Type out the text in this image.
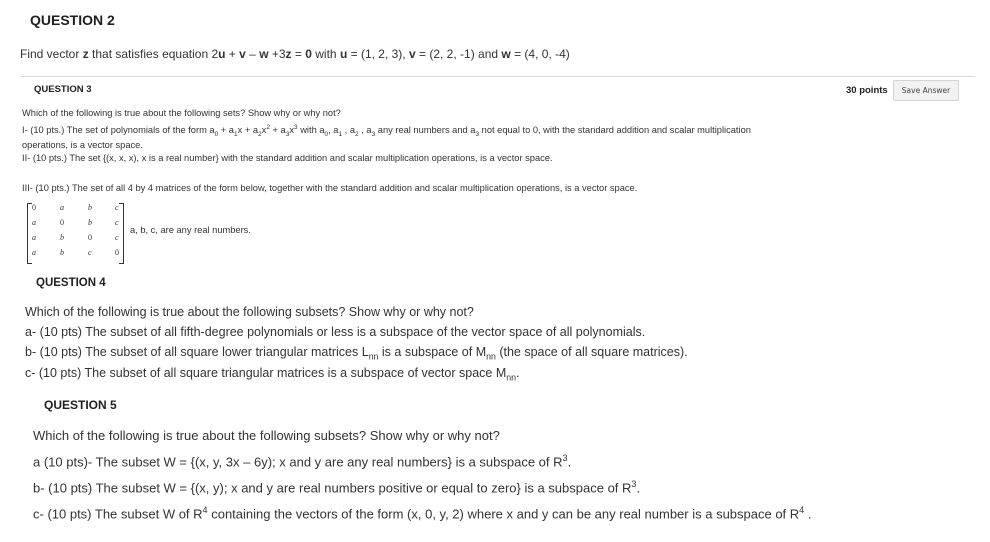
QUESTION 2
Find vector z that satisfies equation 2u + v – w +3z = 0 with u = (1, 2, 3), v = (2, 2, -1) and w = (4, 0, -4)
QUESTION 3	30 points	Save Answer
Which of the following is true about the following sets? Show why or why not?
I- (10 pts.) The set of polynomials of the form $a_0 + a_1x + a_2x^2 + a_3x^3$ with $a_0$, $a_1$ , $a_2$ , $a_3$ any real numbers and $a_3$ not equal to 0, with the standard addition and scalar multiplication
operations, is a vector space.
II- (10 pts.) The set {(x, x, x), x is a real number} with the standard addition and scalar multiplication operations, is a vector space.
III- (10 pts.) The set of all 4 by 4 matrices of the form below, together with the standard addition and scalar multiplication operations, is a vector space.
0	a	b	c
a	0	b	c
a	b	0	c
a	b	c	0
a, b, c, are any real numbers.
QUESTION 4
Which of the following is true about the following subsets? Show why or why not?
a- (10 pts) The subset of all fifth-degree polynomials or less is a subspace of the vector space of all polynomials.
b- (10 pts) The subset of all square lower triangular matrices $L_{nn}$ is a subspace of $M_{nn}$ (the space of all square matrices).
c- (10 pts) The subset of all square triangular matrices is a subspace of vector space $M_{nn}$.
QUESTION 5
Which of the following is true about the following subsets? Show why or why not?
a (10 pts)- The subset W = {(x, y, 3x – 6y); x and y are any real numbers} is a subspace of $R^3$.
b- (10 pts) The subset W = {(x, y); x and y are real numbers positive or equal to zero} is a subspace of $R^3$.
c- (10 pts) The subset W of $R^4$ containing the vectors of the form (x, 0, y, 2) where x and y can be any real number is a subspace of $R^4$ .
